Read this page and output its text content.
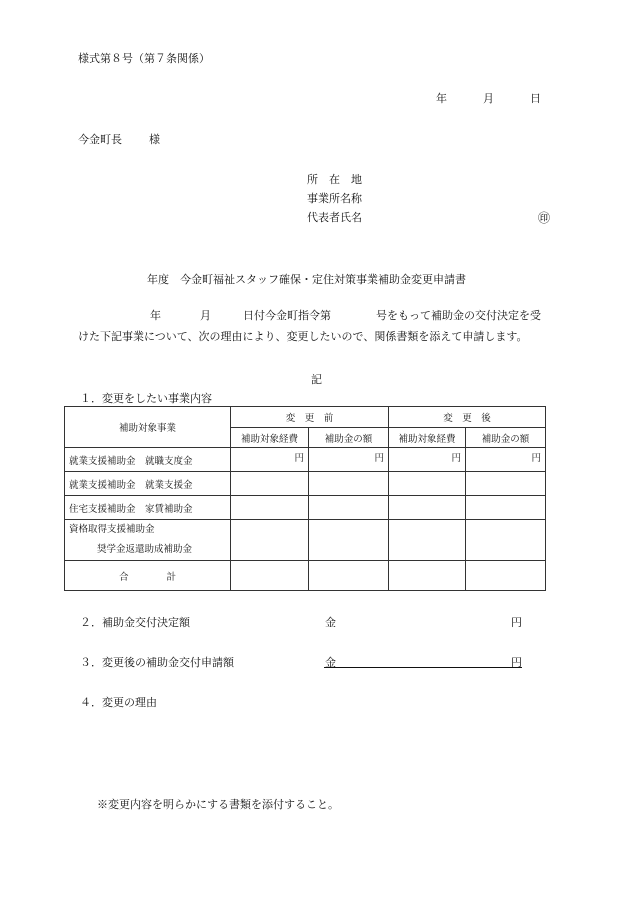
様式第８号（第７条関係）
年	月	日
今金町長 様
所　在　地
事業所名称
代表者氏名	㊞
年度　今金町福祉スタッフ確保・定住対策事業補助金変更申請書
年	月	日付今金町指令第	号をもって補助金の交付決定を受
けた下記事業について、次の理由により、変更したいので、関係書類を添えて申請します。
記
１．変更をしたい事業内容
補助対象事業	変　更　前		変　更　後	
	補助対象経費	補助金の額	補助対象経費	補助金の額
就業支援補助金　就職支度金	円	円	円	円
就業支援補助金　就業支援金				
住宅支援補助金　家賃補助金				

資格取得支援補助金
奨学金返還助成補助金				

合　　　　計				
２．補助金交付決定額	金	円
３．変更後の補助金交付申請額	金	円
４．変更の理由
※変更内容を明らかにする書類を添付すること。
